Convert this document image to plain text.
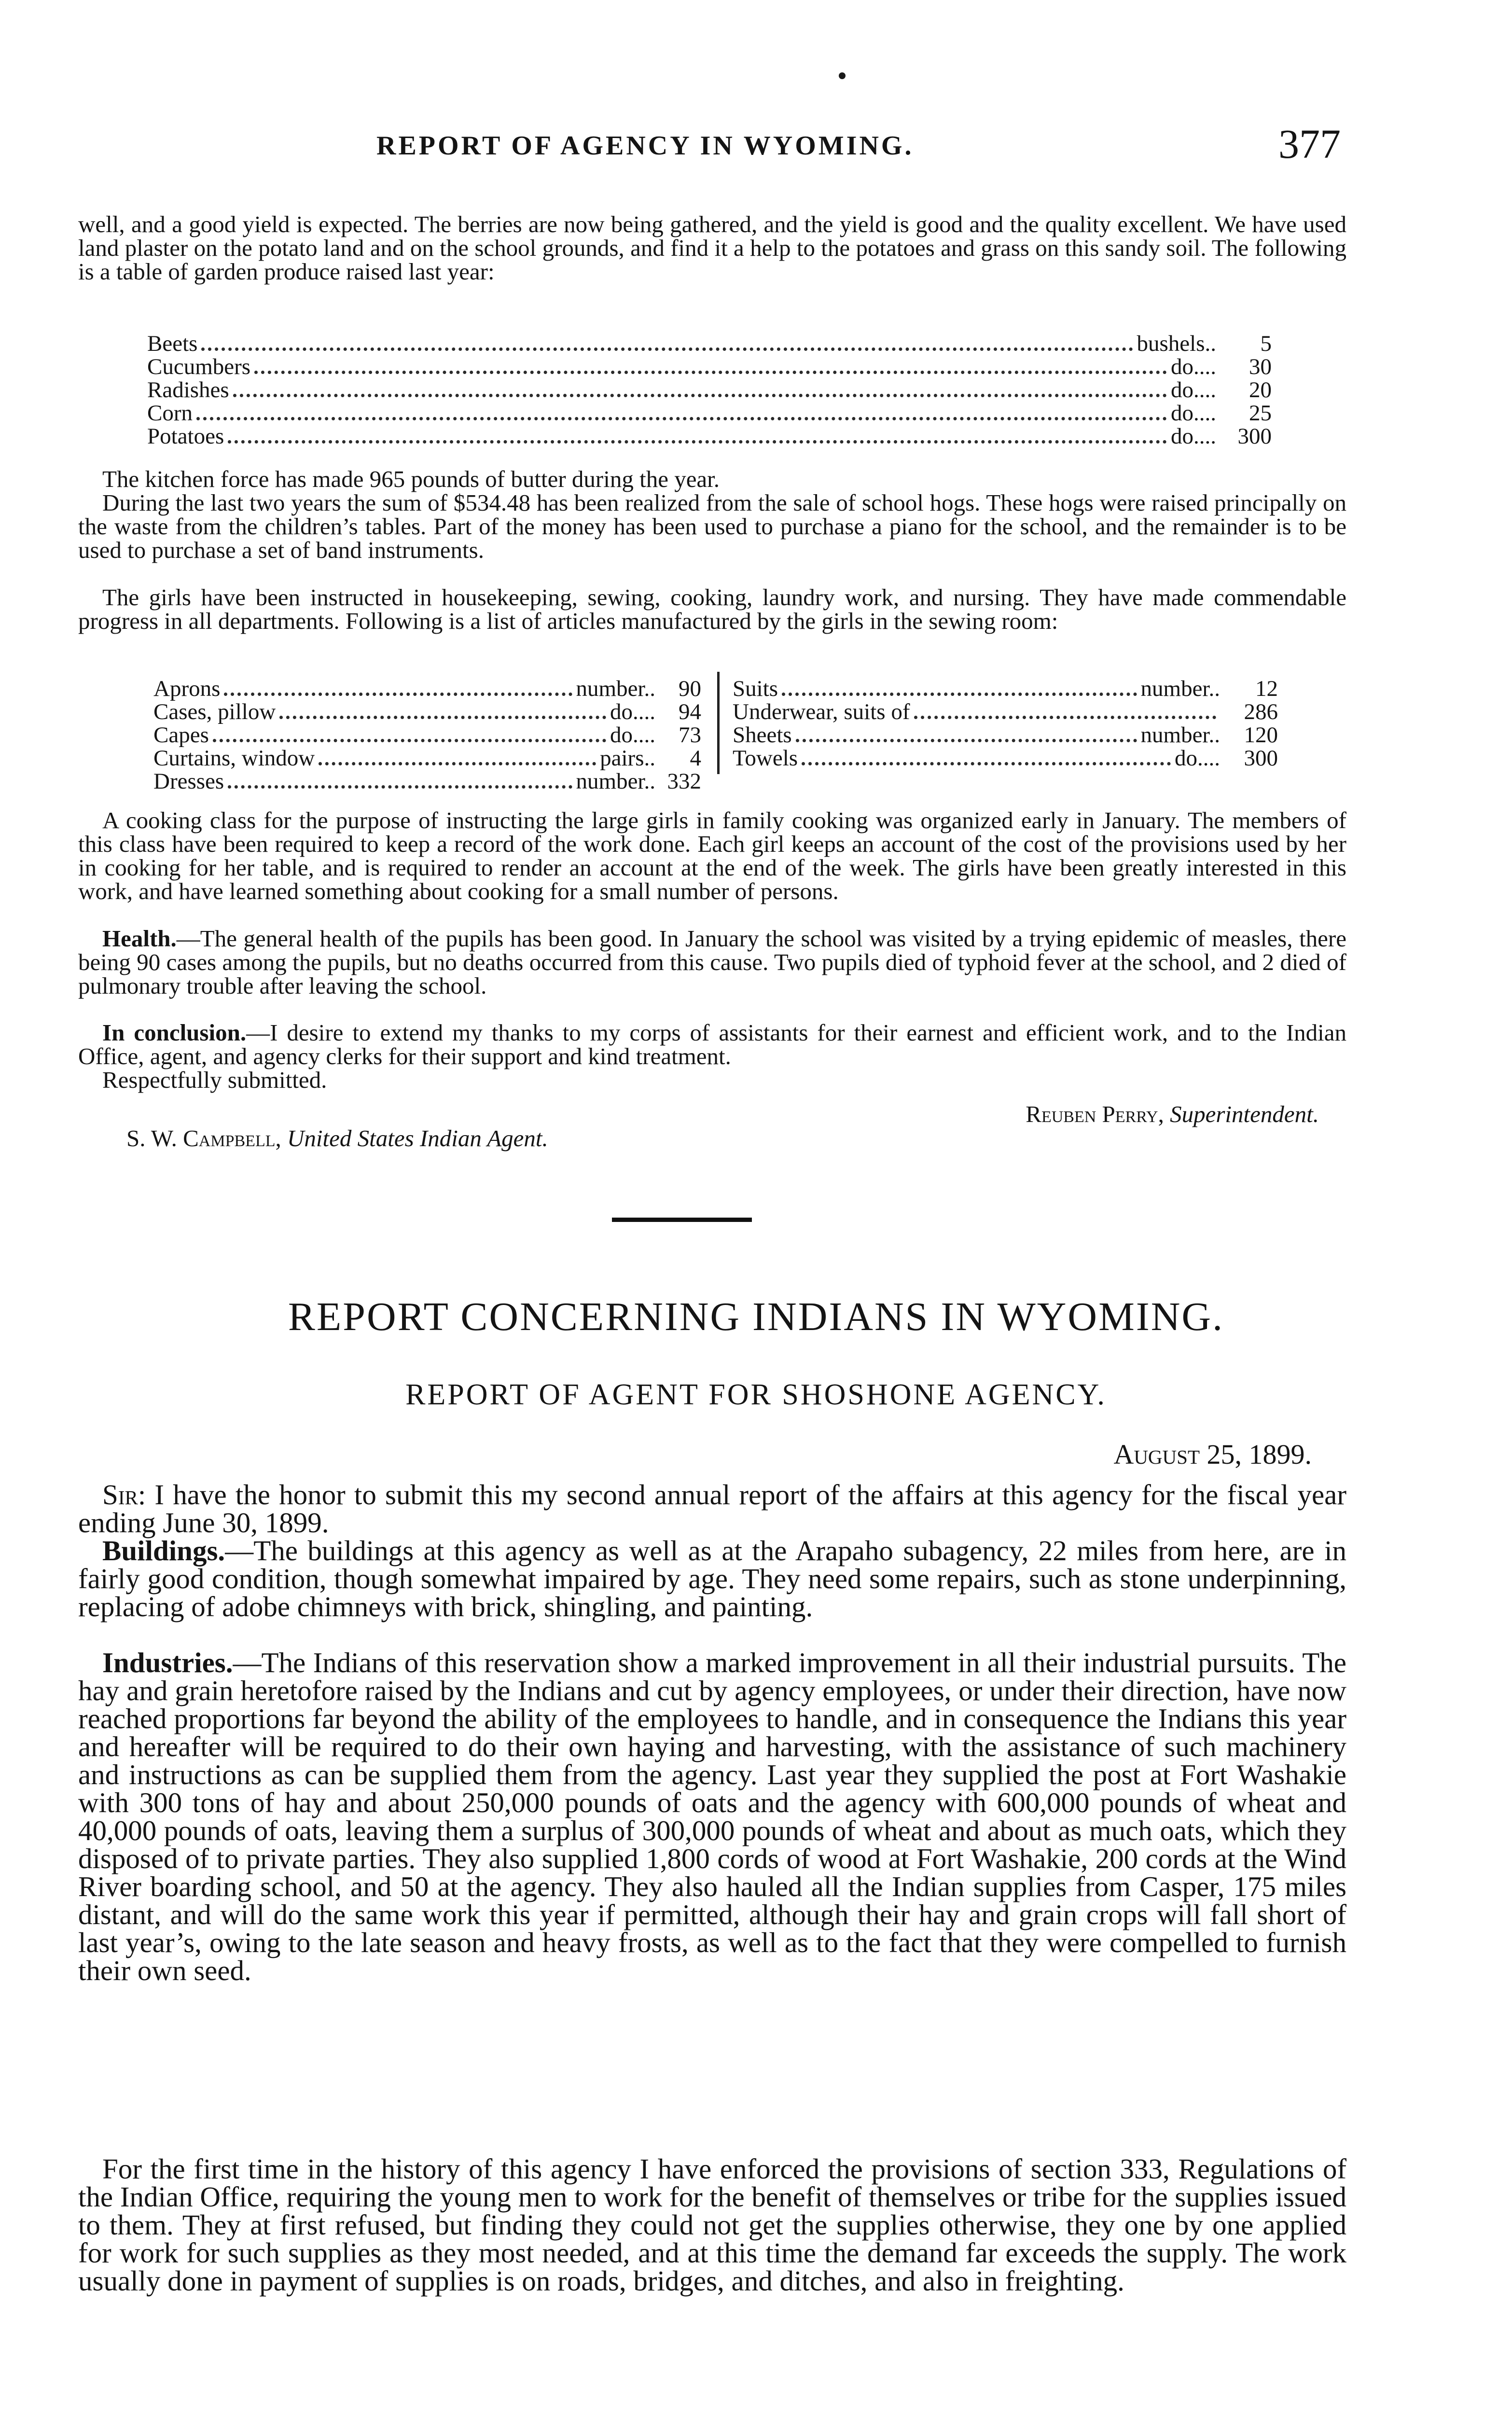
REPORT OF AGENCY IN WYOMING.	377
well, and a good yield is expected. The berries are now being gathered, and the yield is good and the quality excellent. We have used land plaster on the potato land and on the school grounds, and find it a help to the potatoes and grass on this sandy soil. The following is a table of garden produce raised last year:
Beets	bushels..	5
Cucumbers	do....	30
Radishes	do....	20
Corn	do....	25
Potatoes	do.... 300
The kitchen force has made 965 pounds of butter during the year.
During the last two years the sum of $534.48 has been realized from the sale of school hogs. These hogs were raised principally on the waste from the children’s tables. Part of the money has been used to purchase a piano for the school, and the remainder is to be used to purchase a set of band instruments.
The girls have been instructed in housekeeping, sewing, cooking, laundry work, and nursing. They have made commendable progress in all departments. Following is a list of articles manufactured by the girls in the sewing room:
Aprons	number..	90
Cases, pillow	do....	94
Capes	do....	73
Curtains, window	pairs..	4
Dresses	number.. 332
Suits	number..	12
Underwear, suits of	286
Sheets	number..	120
Towels	do....	300
A cooking class for the purpose of instructing the large girls in family cooking was organized early in January. The members of this class have been required to keep a record of the work done. Each girl keeps an account of the cost of the provisions used by her in cooking for her table, and is required to render an account at the end of the week. The girls have been greatly interested in this work, and have learned something about cooking for a small number of persons.
Health.—The general health of the pupils has been good. In January the school was visited by a trying epidemic of measles, there being 90 cases among the pupils, but no deaths occurred from this cause. Two pupils died of typhoid fever at the school, and 2 died of pulmonary trouble after leaving the school.
In conclusion.—I desire to extend my thanks to my corps of assistants for their earnest and efficient work, and to the Indian Office, agent, and agency clerks for their support and kind treatment.
Respectfully submitted.
Reuben Perry, Superintendent.
S. W. Campbell, United States Indian Agent.
REPORT CONCERNING INDIANS IN WYOMING.
REPORT OF AGENT FOR SHOSHONE AGENCY.
August 25, 1899.
Sir: I have the honor to submit this my second annual report of the affairs at this agency for the fiscal year ending June 30, 1899.
Buildings.—The buildings at this agency as well as at the Arapaho subagency, 22 miles from here, are in fairly good condition, though somewhat impaired by age. They need some repairs, such as stone underpinning, replacing of adobe chimneys with brick, shingling, and painting.
Industries.—The Indians of this reservation show a marked improvement in all their industrial pursuits. The hay and grain heretofore raised by the Indians and cut by agency employees, or under their direction, have now reached proportions far beyond the ability of the employees to handle, and in consequence the Indians this year and hereafter will be required to do their own haying and harvesting, with the assistance of such machinery and instructions as can be supplied them from the agency. Last year they supplied the post at Fort Washakie with 300 tons of hay and about 250,000 pounds of oats and the agency with 600,000 pounds of wheat and 40,000 pounds of oats, leaving them a surplus of 300,000 pounds of wheat and about as much oats, which they disposed of to private parties. They also supplied 1,800 cords of wood at Fort Washakie, 200 cords at the Wind River boarding school, and 50 at the agency. They also hauled all the Indian supplies from Casper, 175 miles distant, and will do the same work this year if permitted, although their hay and grain crops will fall short of last year’s, owing to the late season and heavy frosts, as well as to the fact that they were compelled to furnish their own seed.
For the first time in the history of this agency I have enforced the provisions of section 333, Regulations of the Indian Office, requiring the young men to work for the benefit of themselves or tribe for the supplies issued to them. They at first refused, but finding they could not get the supplies otherwise, they one by one applied for work for such supplies as they most needed, and at this time the demand far exceeds the supply. The work usually done in payment of supplies is on roads, bridges, and ditches, and also in freighting.
